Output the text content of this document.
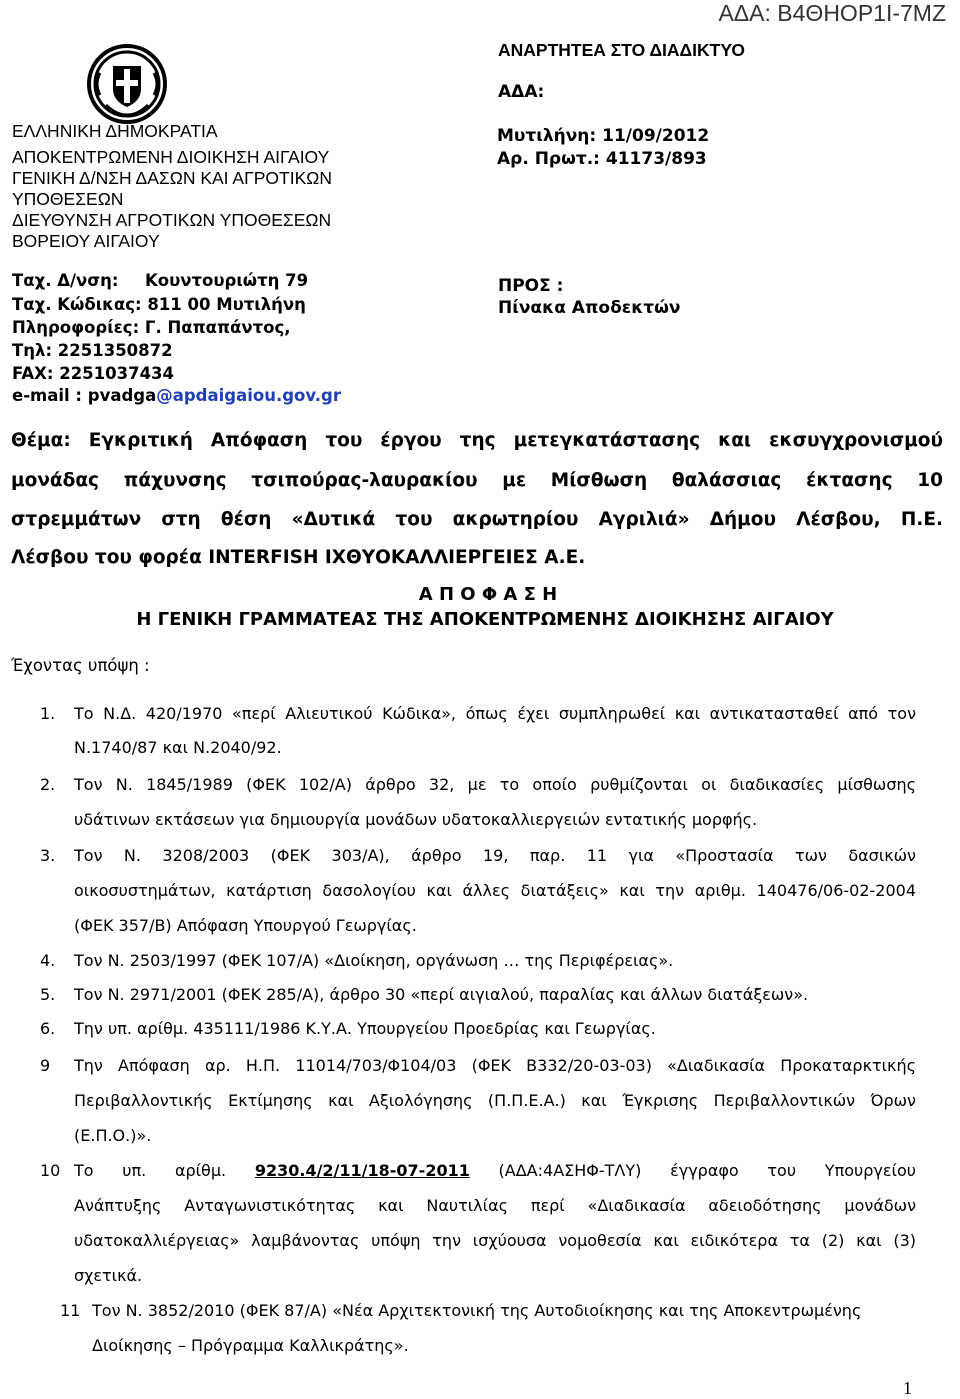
ΑΔΑ: Β4ΘΗΟΡ1Ι-7ΜΖ
ΑΝΑΡΤΗΤΕΑ ΣΤΟ ΔΙΑΔΙΚΤΥΟ
ΑΔΑ:
Μυτιλήνη: 11/09/2012
Αρ. Πρωτ.: 41173/893
ΕΛΛΗΝΙΚΗ ΔΗΜΟΚΡΑΤΙΑ
ΑΠΟΚΕΝΤΡΩΜΕΝΗ ΔΙΟΙΚΗΣΗ ΑΙΓΑΙΟΥ
ΓΕΝΙΚΗ Δ/ΝΣΗ ΔΑΣΩΝ ΚΑΙ ΑΓΡΟΤΙΚΩΝ
ΥΠΟΘΕΣΕΩΝ
ΔΙΕΥΘΥΝΣΗ ΑΓΡΟΤΙΚΩΝ ΥΠΟΘΕΣΕΩΝ
ΒΟΡΕΙΟΥ ΑΙΓΑΙΟΥ
Ταχ. Δ/νση: Κουντουριώτη 79
Ταχ. Κώδικας: 811 00 Μυτιλήνη
Πληροφορίες: Γ. Παπαπάντος,
Τηλ: 2251350872
FAX: 2251037434
e-mail : pvadga@apdaigaiou.gov.gr
ΠΡΟΣ :
Πίνακα Αποδεκτών
Θέμα: Εγκριτική Απόφαση του έργου της μετεγκατάστασης και εκσυγχρονισμού
μονάδας πάχυνσης τσιπούρας-λαυρακίου με Μίσθωση θαλάσσιας έκτασης 10
στρεμμάτων στη θέση «Δυτικά του ακρωτηρίου Αγριλιά» Δήμου Λέσβου, Π.Ε.
Λέσβου του φορέα INTERFISH ΙΧΘΥΟΚΑΛΛΙΕΡΓΕΙΕΣ Α.Ε.
Α Π Ο Φ Α Σ Η
Η ΓΕΝΙΚΗ ΓΡΑΜΜΑΤΕΑΣ ΤΗΣ ΑΠΟΚΕΝΤΡΩΜΕΝΗΣ ΔΙΟΙΚΗΣΗΣ ΑΙΓΑΙΟΥ
Έχοντας υπόψη :
1. Το Ν.Δ. 420/1970 «περί Αλιευτικού Κώδικα», όπως έχει συμπληρωθεί και αντικατασταθεί από τον
Ν.1740/87 και Ν.2040/92.
2. Τον Ν. 1845/1989 (ΦΕΚ 102/Α) άρθρο 32, με το οποίο ρυθμίζονται οι διαδικασίες μίσθωσης
υδάτινων εκτάσεων για δημιουργία μονάδων υδατοκαλλιεργειών εντατικής μορφής.
3. Τον Ν. 3208/2003 (ΦΕΚ 303/Α), άρθρο 19, παρ. 11 για «Προστασία των δασικών
οικοσυστημάτων, κατάρτιση δασολογίου και άλλες διατάξεις» και την αριθμ. 140476/06-02-2004
(ΦΕΚ 357/Β) Απόφαση Υπουργού Γεωργίας.
4. Τον Ν. 2503/1997 (ΦΕΚ 107/Α) «Διοίκηση, οργάνωση … της Περιφέρειας».
5. Τον Ν. 2971/2001 (ΦΕΚ 285/Α), άρθρο 30 «περί αιγιαλού, παραλίας και άλλων διατάξεων».
6. Την υπ. αρίθμ. 435111/1986 Κ.Υ.Α. Υπουργείου Προεδρίας και Γεωργίας.
9 Την Απόφαση αρ. Η.Π. 11014/703/Φ104/03 (ΦΕΚ Β332/20-03-03) «Διαδικασία Προκαταρκτικής
Περιβαλλοντικής Εκτίμησης και Αξιολόγησης (Π.Π.Ε.Α.) και Έγκρισης Περιβαλλοντικών Όρων
(Ε.Π.Ο.)».
10 Το υπ. αρίθμ. 9230.4/2/11/18-07-2011 (ΑΔΑ:4ΑΣΗΦ-ΤΛΥ) έγγραφο του Υπουργείου
Ανάπτυξης Ανταγωνιστικότητας και Ναυτιλίας περί «Διαδικασία αδειοδότησης μονάδων
υδατοκαλλιέργειας» λαμβάνοντας υπόψη την ισχύουσα νομοθεσία και ειδικότερα τα (2) και (3)
σχετικά.
11 Τον Ν. 3852/2010 (ΦΕΚ 87/Α) «Νέα Αρχιτεκτονική της Αυτοδιοίκησης και της Αποκεντρωμένης
Διοίκησης – Πρόγραμμα Καλλικράτης».
1
